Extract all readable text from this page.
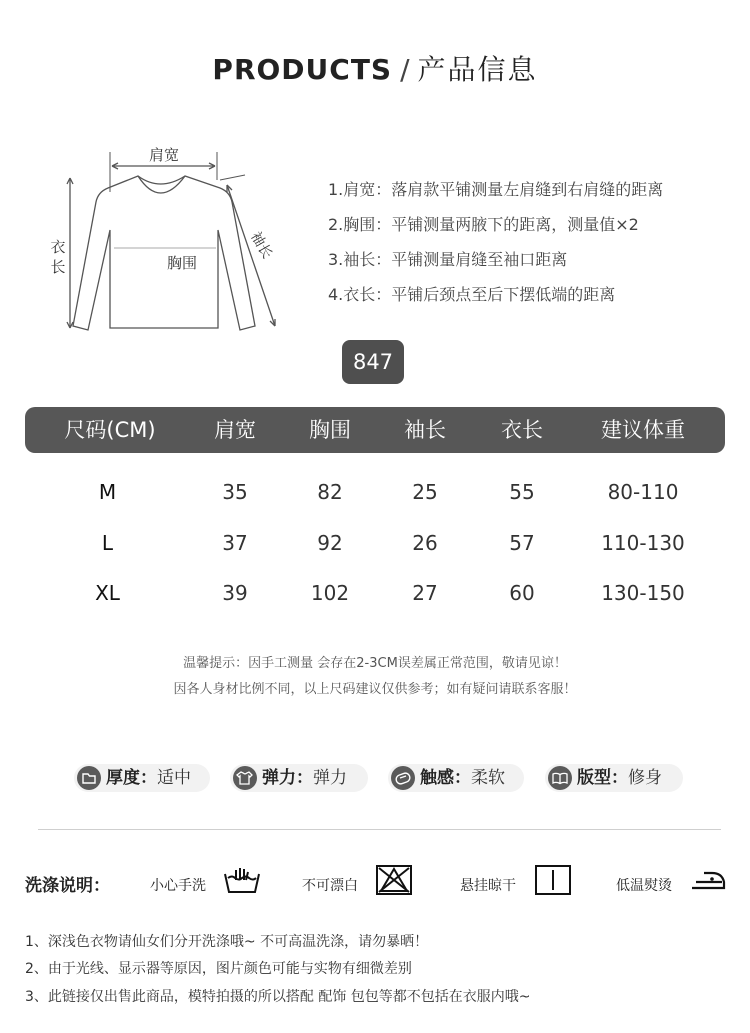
PRODUCTS / 产品信息
肩宽
胸围
袖长
衣
长
1.肩宽：落肩款平铺测量左肩缝到右肩缝的距离
2.胸围：平铺测量两腋下的距离，测量值×2
3.袖长：平铺测量肩缝至袖口距离
4.衣长：平铺后颈点至后下摆低端的距离
847
尺码(CM)	肩宽	胸围	袖长	衣长	建议体重
M	35	82	25	55	80-110
L	37	92	26	57	110-130
XL	39	102	27	60	130-150
温馨提示：因手工测量 会存在2-3CM误差属正常范围，敬请见谅！
因各人身材比例不同，以上尺码建议仅供参考；如有疑问请联系客服！
厚度：适中	弹力：弹力	触感：柔软	版型：修身
洗涤说明：	小心手洗	不可漂白	悬挂晾干	低温熨烫
1、深浅色衣物请仙女们分开洗涤哦~ 不可高温洗涤，请勿暴晒！
2、由于光线、显示器等原因，图片颜色可能与实物有细微差别
3、此链接仅出售此商品，模特拍摄的所以搭配 配饰 包包等都不包括在衣服内哦~
